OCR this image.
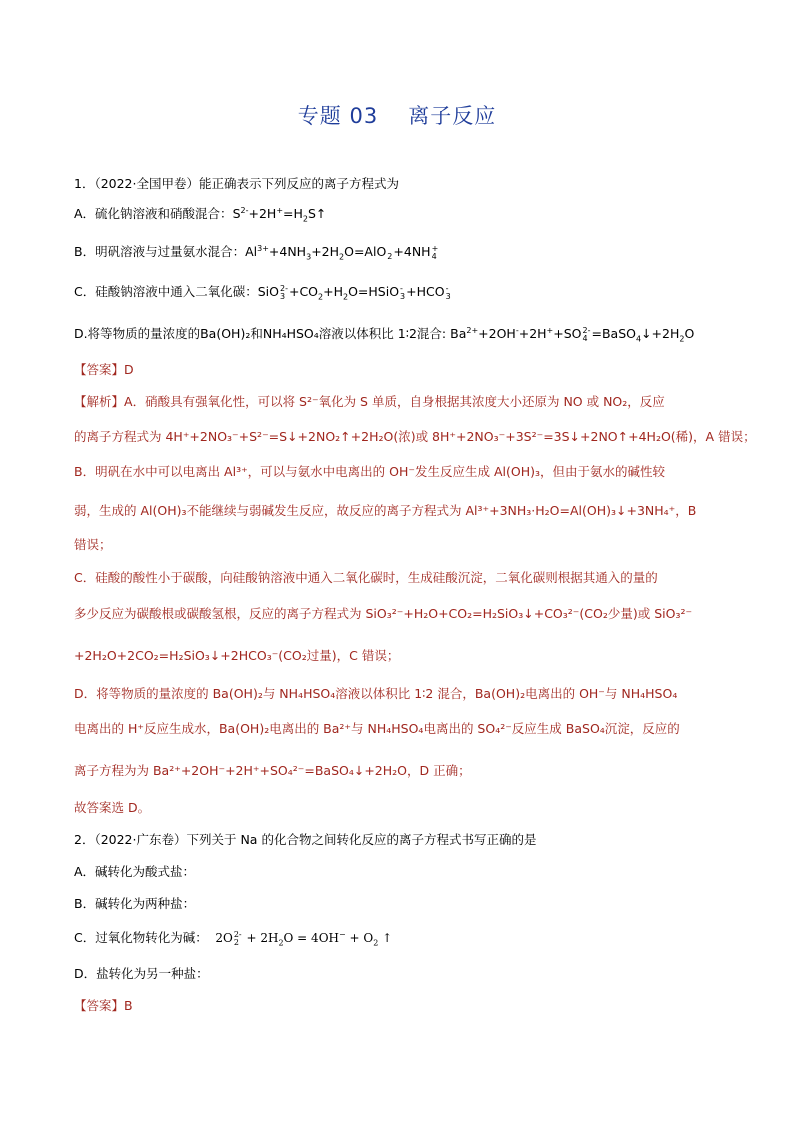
专题 03 离子反应
1．（2022·全国甲卷）能正确表示下列反应的离子方程式为
A．硫化钠溶液和硝酸混合：$S^{2-}+2H^+=H_2S↑$
B．明矾溶液与过量氨水混合：$Al^{3+}+4NH_3+2H_2O=AlO$
2 +4NH +
4
C．硅酸钠溶液中通入二氧化碳：SiO 2-
$3 +CO_2+H_2O=HSiO$ -
3 +HCO -
3
D.将等物质的量浓度的Ba(OH)₂和NH₄HSO₄溶液以体积比 1∶2混合: $Ba^{2+}+2OH^-+2H^++SO$ 2-
$4 =BaSO_4↓+2H_2O$
【答案】D
【解析】A．硝酸具有强氧化性，可以将 S²⁻氧化为 S 单质，自身根据其浓度大小还原为 NO 或 NO₂，反应
的离子方程式为 4H⁺+2NO₃⁻+S²⁻=S↓+2NO₂↑+2H₂O(浓)或 8H⁺+2NO₃⁻+3S²⁻=3S↓+2NO↑+4H₂O(稀)，A 错误；
B．明矾在水中可以电离出 Al³⁺，可以与氨水中电离出的 OH⁻发生反应生成 Al(OH)₃，但由于氨水的碱性较
弱，生成的 Al(OH)₃不能继续与弱碱发生反应，故反应的离子方程式为 Al³⁺+3NH₃·H₂O=Al(OH)₃↓+3NH₄⁺，B
错误；
C．硅酸的酸性小于碳酸，向硅酸钠溶液中通入二氧化碳时，生成硅酸沉淀，二氧化碳则根据其通入的量的
多少反应为碳酸根或碳酸氢根，反应的离子方程式为 SiO₃²⁻+H₂O+CO₂=H₂SiO₃↓+CO₃²⁻(CO₂少量)或 SiO₃²⁻
+2H₂O+2CO₂=H₂SiO₃↓+2HCO₃⁻(CO₂过量)，C 错误；
D．将等物质的量浓度的 Ba(OH)₂与 NH₄HSO₄溶液以体积比 1∶2 混合，Ba(OH)₂电离出的 OH⁻与 NH₄HSO₄
电离出的 H⁺反应生成水，Ba(OH)₂电离出的 Ba²⁺与 NH₄HSO₄电离出的 SO₄²⁻反应生成 BaSO₄沉淀，反应的
离子方程为为 Ba²⁺+2OH⁻+2H⁺+SO₄²⁻=BaSO₄↓+2H₂O，D 正确；
故答案选 D。
2．（2022·广东卷）下列关于 Na 的化合物之间转化反应的离子方程式书写正确的是
A．碱转化为酸式盐：
B．碱转化为两种盐：
C．过氧化物转化为碱：  2O 2-
$2 + 2H_2O = 4OH^- + O_2$ ↑
D．盐转化为另一种盐：
【答案】B
